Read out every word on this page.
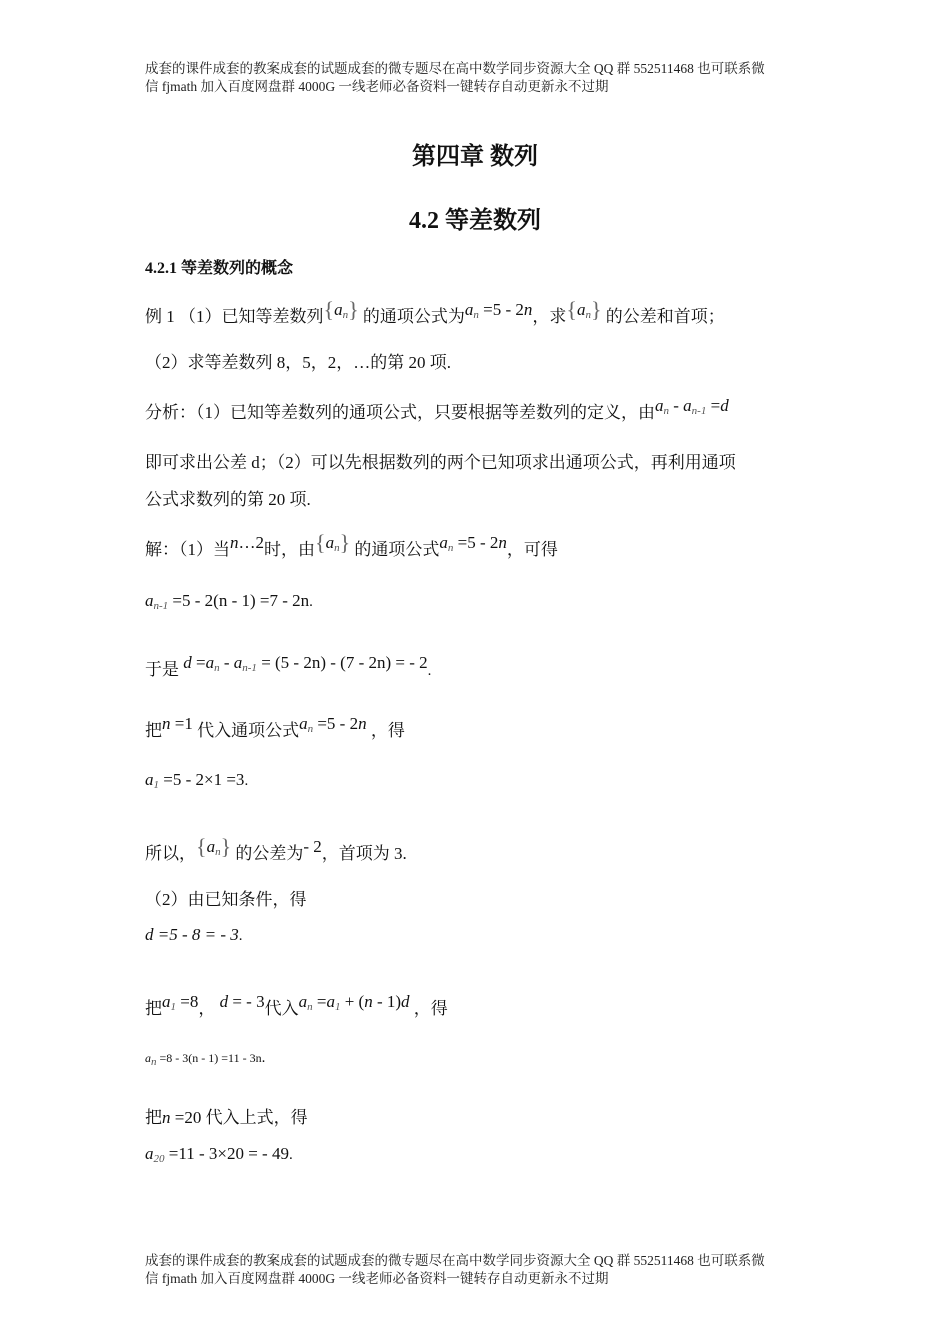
成套的课件成套的教案成套的试题成套的微专题尽在高中数学同步资源大全 QQ 群 552511468 也可联系微
信 fjmath 加入百度网盘群 4000G 一线老师必备资料一键转存自动更新永不过期
第四章 数列
4.2 等差数列
4.2.1 等差数列的概念
例 1 （1）已知等差数列{an} 的通项公式为an =5 - 2n，求{an} 的公差和首项；
（2）求等差数列 8，5，2，…的第 20 项.
分析：（1）已知等差数列的通项公式，只要根据等差数列的定义，由an - an-1 =d
即可求出公差 d；（2）可以先根据数列的两个已知项求出通项公式，再利用通项
公式求数列的第 20 项.
解：（1）当n…2时，由{an} 的通项公式an =5 - 2n，可得
an-1 =5 - 2(n - 1) =7 - 2n.
于是 d =an - an-1 = (5 - 2n) - (7 - 2n) = - 2.
把n =1 代入通项公式an =5 - 2n ，得
a1 =5 - 2×1 =3.
所以，{an} 的公差为- 2，首项为 3.
（2）由已知条件，得
d =5 - 8 = - 3.
把a1 =8， d = - 3代入an =a1 + (n - 1)d ，得
an =8 - 3(n - 1) =11 - 3n.
把n =20 代入上式，得
a20 =11 - 3×20 = - 49.
成套的课件成套的教案成套的试题成套的微专题尽在高中数学同步资源大全 QQ 群 552511468 也可联系微
信 fjmath 加入百度网盘群 4000G 一线老师必备资料一键转存自动更新永不过期
